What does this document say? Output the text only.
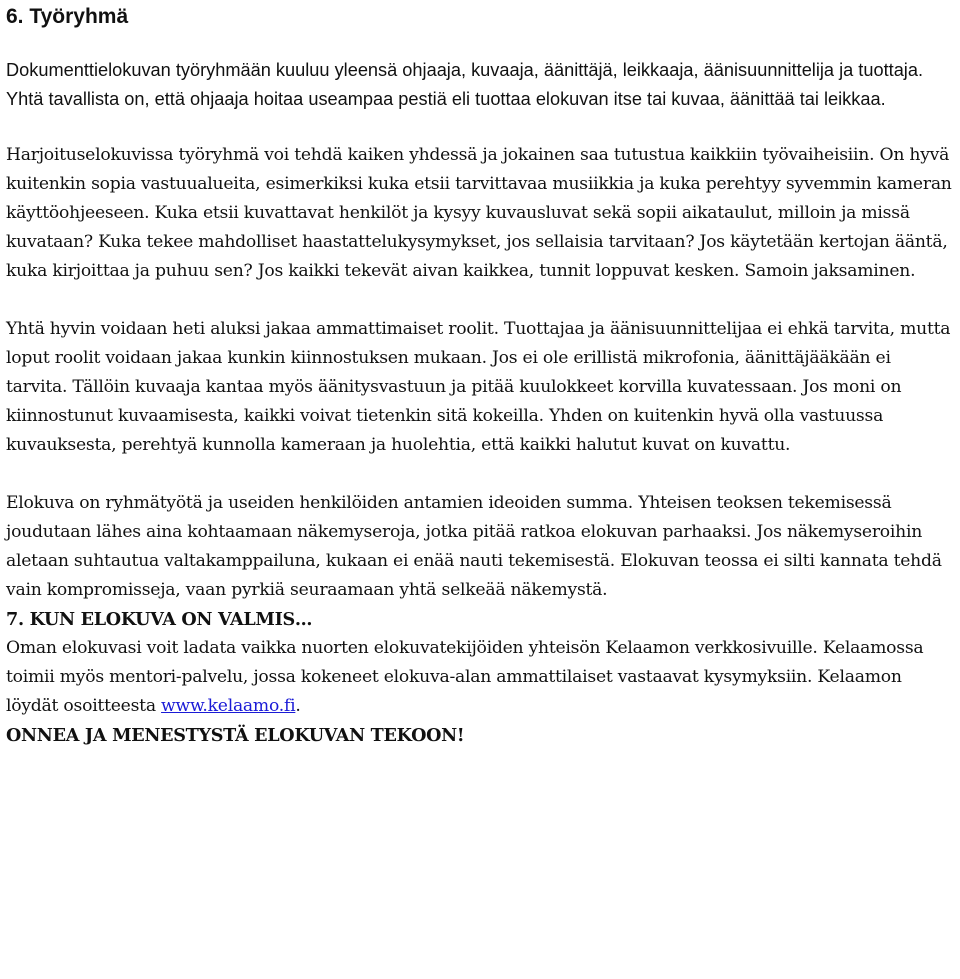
6. Työryhmä

Dokumenttielokuvan työryhmään kuuluu yleensä ohjaaja, kuvaaja, äänittäjä, leikkaaja, äänisuunnittelija ja tuottaja. Yhtä tavallista on, että ohjaaja hoitaa useampaa pestiä eli tuottaa elokuvan itse tai kuvaa, äänittää tai leikkaa.

Harjoituselokuvissa työryhmä voi tehdä kaiken yhdessä ja jokainen saa tutustua kaikkiin työvaiheisiin. On hyvä kuitenkin sopia vastuualueita, esimerkiksi kuka etsii tarvittavaa musiikkia ja kuka perehtyy syvemmin kameran käyttöohjeeseen. Kuka etsii kuvattavat henkilöt ja kysyy kuvausluvat sekä sopii aikataulut, milloin ja missä kuvataan? Kuka tekee mahdolliset haastattelukysymykset, jos sellaisia tarvitaan? Jos käytetään kertojan ääntä, kuka kirjoittaa ja puhuu sen? Jos kaikki tekevät aivan kaikkea, tunnit loppuvat kesken. Samoin jaksaminen.

Yhtä hyvin voidaan heti aluksi jakaa ammattimaiset roolit. Tuottajaa ja äänisuunnittelijaa ei ehkä tarvita, mutta loput roolit voidaan jakaa kunkin kiinnostuksen mukaan. Jos ei ole erillistä mikrofonia, äänittäjääkään ei tarvita. Tällöin kuvaaja kantaa myös äänitysvastuun ja pitää kuulokkeet korvilla kuvatessaan. Jos moni on kiinnostunut kuvaamisesta, kaikki voivat tietenkin sitä kokeilla. Yhden on kuitenkin hyvä olla vastuussa kuvauksesta, perehtyä kunnolla kameraan ja huolehtia, että kaikki halutut kuvat on kuvattu.

Elokuva on ryhmätyötä ja useiden henkilöiden antamien ideoiden summa. Yhteisen teoksen tekemisessä joudutaan lähes aina kohtaamaan näkemyseroja, jotka pitää ratkoa elokuvan parhaaksi. Jos näkemyseroihin aletaan suhtautua valtakamppailuna, kukaan ei enää nauti tekemisestä. Elokuvan teossa ei silti kannata tehdä vain kompromisseja, vaan pyrkiä seuraamaan yhtä selkeää näkemystä.

7. KUN ELOKUVA ON VALMIS…

Oman elokuvasi voit ladata vaikka nuorten elokuvatekijöiden yhteisön Kelaamon verkkosivuille. Kelaamossa toimii myös mentori-palvelu, jossa kokeneet elokuva-alan ammattilaiset vastaavat kysymyksiin. Kelaamon löydät osoitteesta www.kelaamo.fi.

ONNEA JA MENESTYSTÄ ELOKUVAN TEKOON!
